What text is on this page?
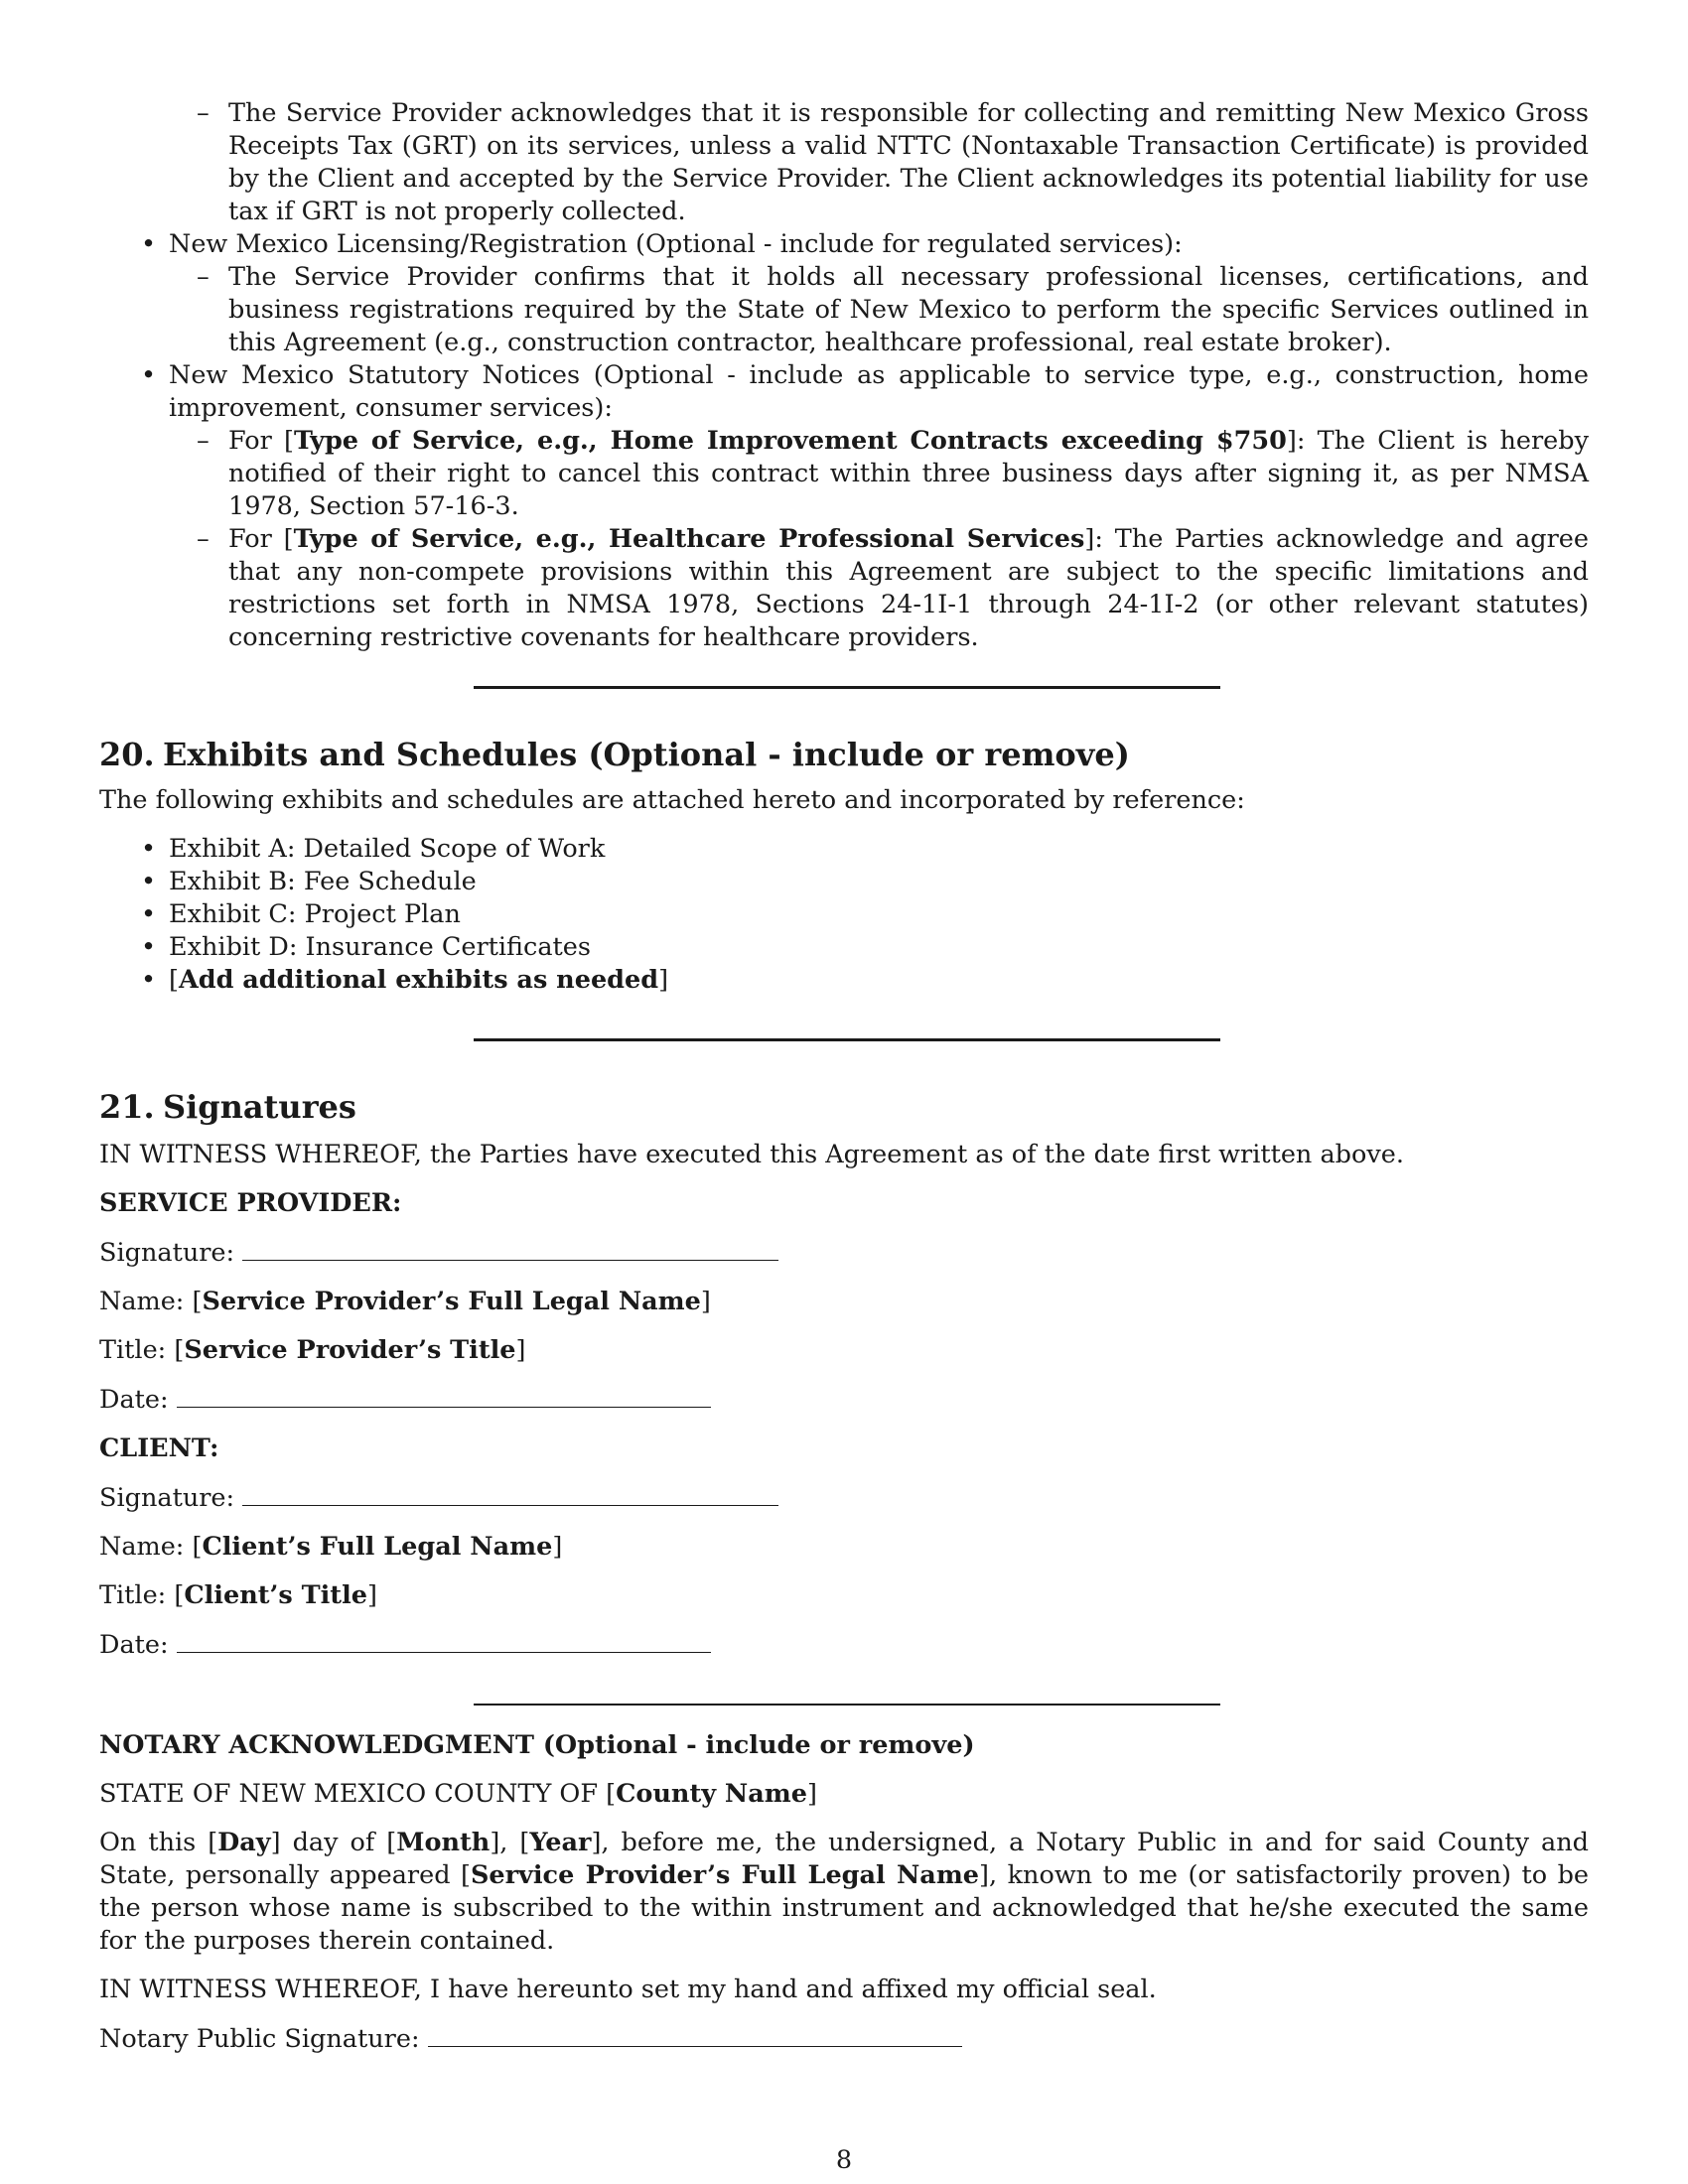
– The Service Provider acknowledges that it is responsible for collecting and remitting New Mexico Gross Receipts Tax (GRT) on its services, unless a valid NTTC (Nontaxable Transaction Certificate) is provided by the Client and accepted by the Service Provider. The Client acknowledges its potential liability for use tax if GRT is not properly collected.

• New Mexico Licensing/Registration (Optional - include for regulated services):

– The Service Provider confirms that it holds all necessary professional licenses, certifications, and business registrations required by the State of New Mexico to perform the specific Services outlined in this Agreement (e.g., construction contractor, healthcare professional, real estate broker).

• New Mexico Statutory Notices (Optional - include as applicable to service type, e.g., construction, home improvement, consumer services):

– For [Type of Service, e.g., Home Improvement Contracts exceeding $750]: The Client is hereby notified of their right to cancel this contract within three business days after signing it, as per NMSA 1978, Section 57-16-3.

– For [Type of Service, e.g., Healthcare Professional Services]: The Parties acknowledge and agree that any non-compete provisions within this Agreement are subject to the specific limitations and restrictions set forth in NMSA 1978, Sections 24-1I-1 through 24-1I-2 (or other relevant statutes) concerning restrictive covenants for healthcare providers.

20. Exhibits and Schedules (Optional - include or remove)

The following exhibits and schedules are attached hereto and incorporated by reference:

• Exhibit A: Detailed Scope of Work
• Exhibit B: Fee Schedule
• Exhibit C: Project Plan
• Exhibit D: Insurance Certificates
• [Add additional exhibits as needed]
21. Signatures

IN WITNESS WHEREOF, the Parties have executed this Agreement as of the date first written above.

SERVICE PROVIDER:

Signature:

Name: [Service Provider’s Full Legal Name]

Title: [Service Provider’s Title]

Date:

CLIENT:

Signature:

Name: [Client’s Full Legal Name]

Title: [Client’s Title]

Date:

NOTARY ACKNOWLEDGMENT (Optional - include or remove)

STATE OF NEW MEXICO COUNTY OF [County Name]

On this [Day] day of [Month], [Year], before me, the undersigned, a Notary Public in and for said County and State, personally appeared [Service Provider’s Full Legal Name], known to me (or satisfactorily proven) to be the person whose name is subscribed to the within instrument and acknowledged that he/she executed the same for the purposes therein contained.

IN WITNESS WHEREOF, I have hereunto set my hand and affixed my official seal.

Notary Public Signature:

8
